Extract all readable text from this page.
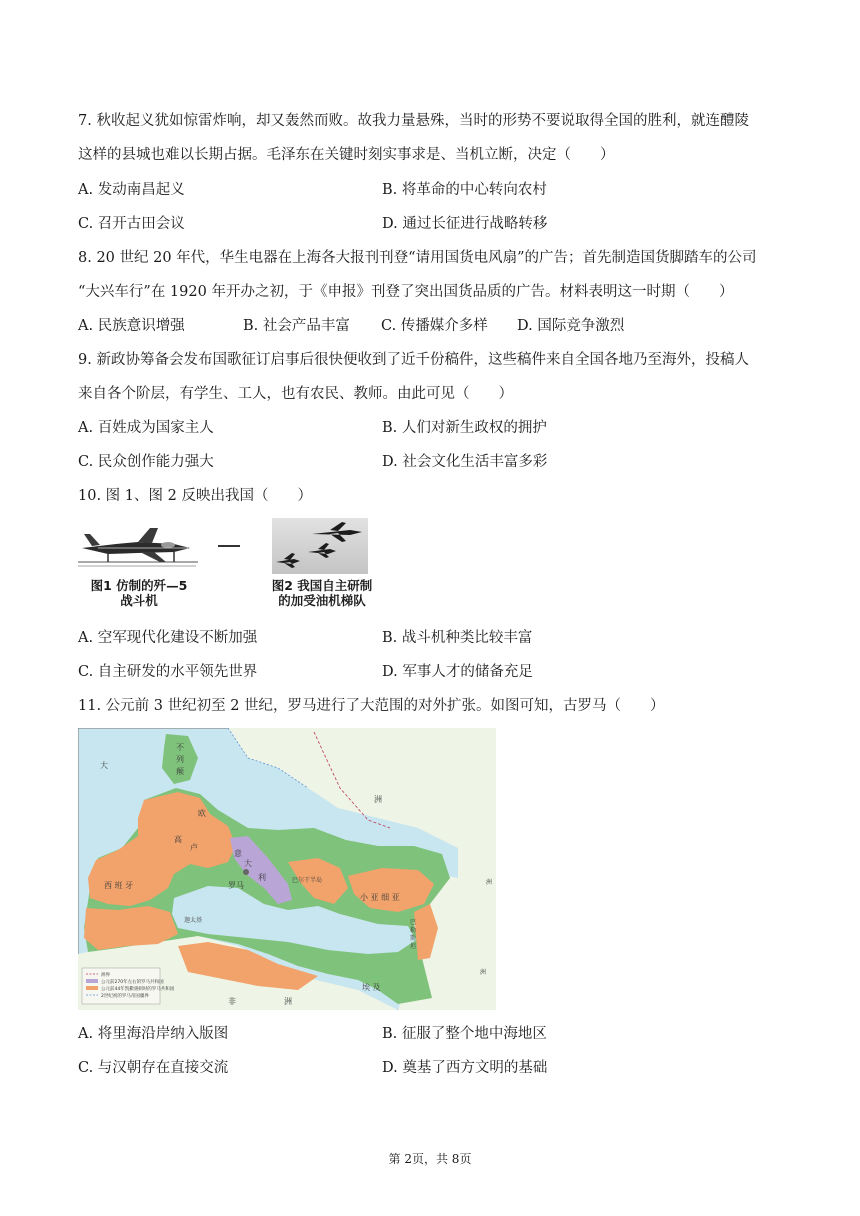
7. 秋收起义犹如惊雷炸响，却又轰然而败。故我力量悬殊，当时的形势不要说取得全国的胜利，就连醴陵
这样的县城也难以长期占据。毛泽东在关键时刻实事求是、当机立断，决定（　　）
A. 发动南昌起义	B. 将革命的中心转向农村
C. 召开古田会议	D. 通过长征进行战略转移
8. 20 世纪 20 年代，华生电器在上海各大报刊刊登“请用国货电风扇”的广告；首先制造国货脚踏车的公司
“大兴车行”在 1920 年开办之初，于《申报》刊登了突出国货品质的广告。材料表明这一时期（　　）
A. 民族意识增强	B. 社会产品丰富 C. 传播媒介多样 D. 国际竞争激烈
9. 新政协筹备会发布国歌征订启事后很快便收到了近千份稿件，这些稿件来自全国各地乃至海外，投稿人
来自各个阶层，有学生、工人，也有农民、教师。由此可见（　　）
A. 百姓成为国家主人	B. 人们对新生政权的拥护
C. 民众创作能力强大	D. 社会文化生活丰富多彩
10. 图 1、图 2 反映出我国（　　）
图1 仿制的歼—5
战斗机
图2 我国自主研制
的加受油机梯队
A. 空军现代化建设不断加强	B. 战斗机种类比较丰富
C. 自主研发的水平领先世界	D. 军事人才的储备充足
11. 公元前 3 世纪初至 2 世纪，罗马进行了大范围的对外扩张。如图可知，古罗马（　　）
大
不
列
颠
欧
洲
高
卢
意
大
利
罗马
西 班 牙
巴尔干半岛
小 亚 细 亚
巴
勒
斯
坦
迦太基
非	洲
埃 及
洲
洲
洲界
公元前270年左右的罗马共和国
公元前44年凯撒遇刺时的罗马共和国
2世纪初的罗马帝国疆界
A. 将里海沿岸纳入版图	B. 征服了整个地中海地区
C. 与汉朝存在直接交流	D. 奠基了西方文明的基础
第 2页，共 8页
